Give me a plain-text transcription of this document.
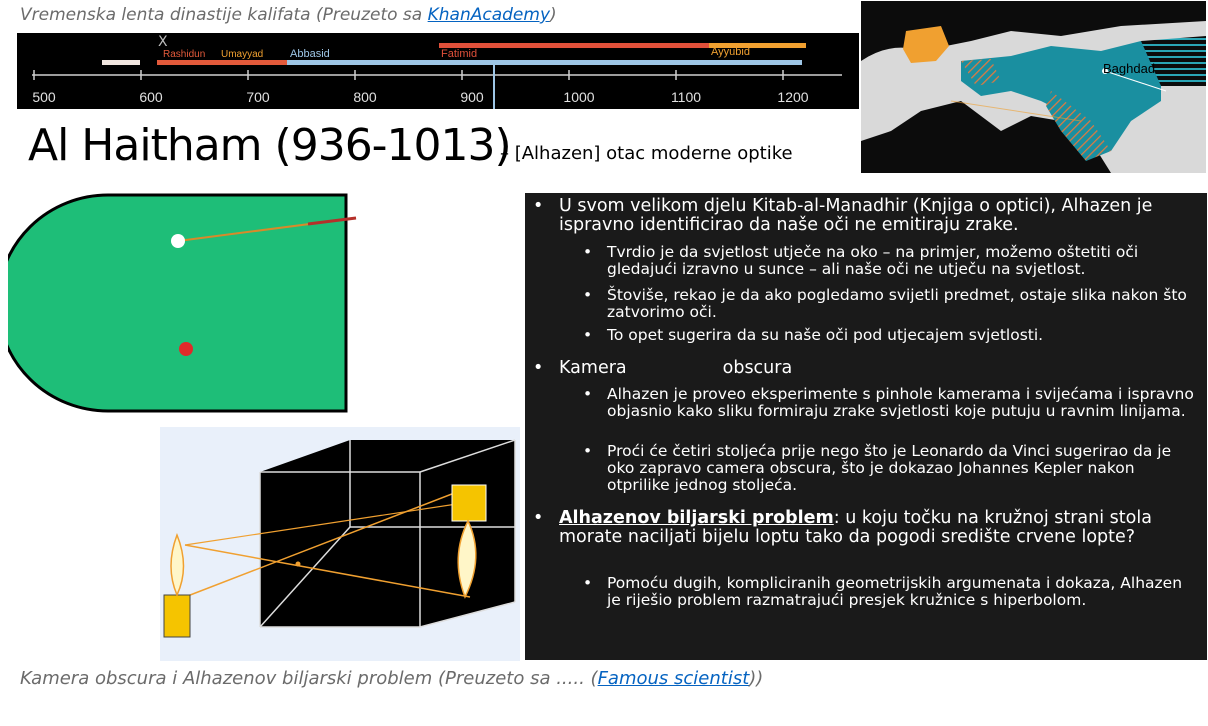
Vremenska lenta dinastije kalifata (Preuzeto sa KhanAcademy)
X
Rashidun Umayyad Abbasid	Fatimid	Ayyubid
500	600	700	800	900	1000	1100	1200
Baghdad
Al Haitham (936-1013)
– [Alhazen] otac moderne optike
• U svom velikom djelu Kitab-al-Manadhir (Knjiga o optici), Alhazen je ispravno identificirao da naše oči ne emitiraju zrake.
• Tvrdio je da svjetlost utječe na oko – na primjer, možemo oštetiti oči gledajući izravno u sunce – ali naše oči ne utječu na svjetlost.
• Štoviše, rekao je da ako pogledamo svijetli predmet, ostaje slika nakon što zatvorimo oči.
• To opet sugerira da su naše oči pod utjecajem svjetlosti.
• Kamera	obscura
• Alhazen je proveo eksperimente s pinhole kamerama i svijećama i ispravno objasnio kako sliku formiraju zrake svjetlosti koje putuju u ravnim linijama.
• Proći će četiri stoljeća prije nego što je Leonardo da Vinci sugerirao da je oko zapravo camera obscura, što je dokazao Johannes Kepler nakon otprilike jednog stoljeća.
• Alhazenov biljarski problem: u koju točku na kružnoj strani stola morate naciljati bijelu loptu tako da pogodi središte crvene lopte?
• Pomoću dugih, kompliciranih geometrijskih argumenata i dokaza, Alhazen je riješio problem razmatrajući presjek kružnice s hiperbolom.
Kamera obscura i Alhazenov biljarski problem (Preuzeto sa ..... (Famous scientist))
